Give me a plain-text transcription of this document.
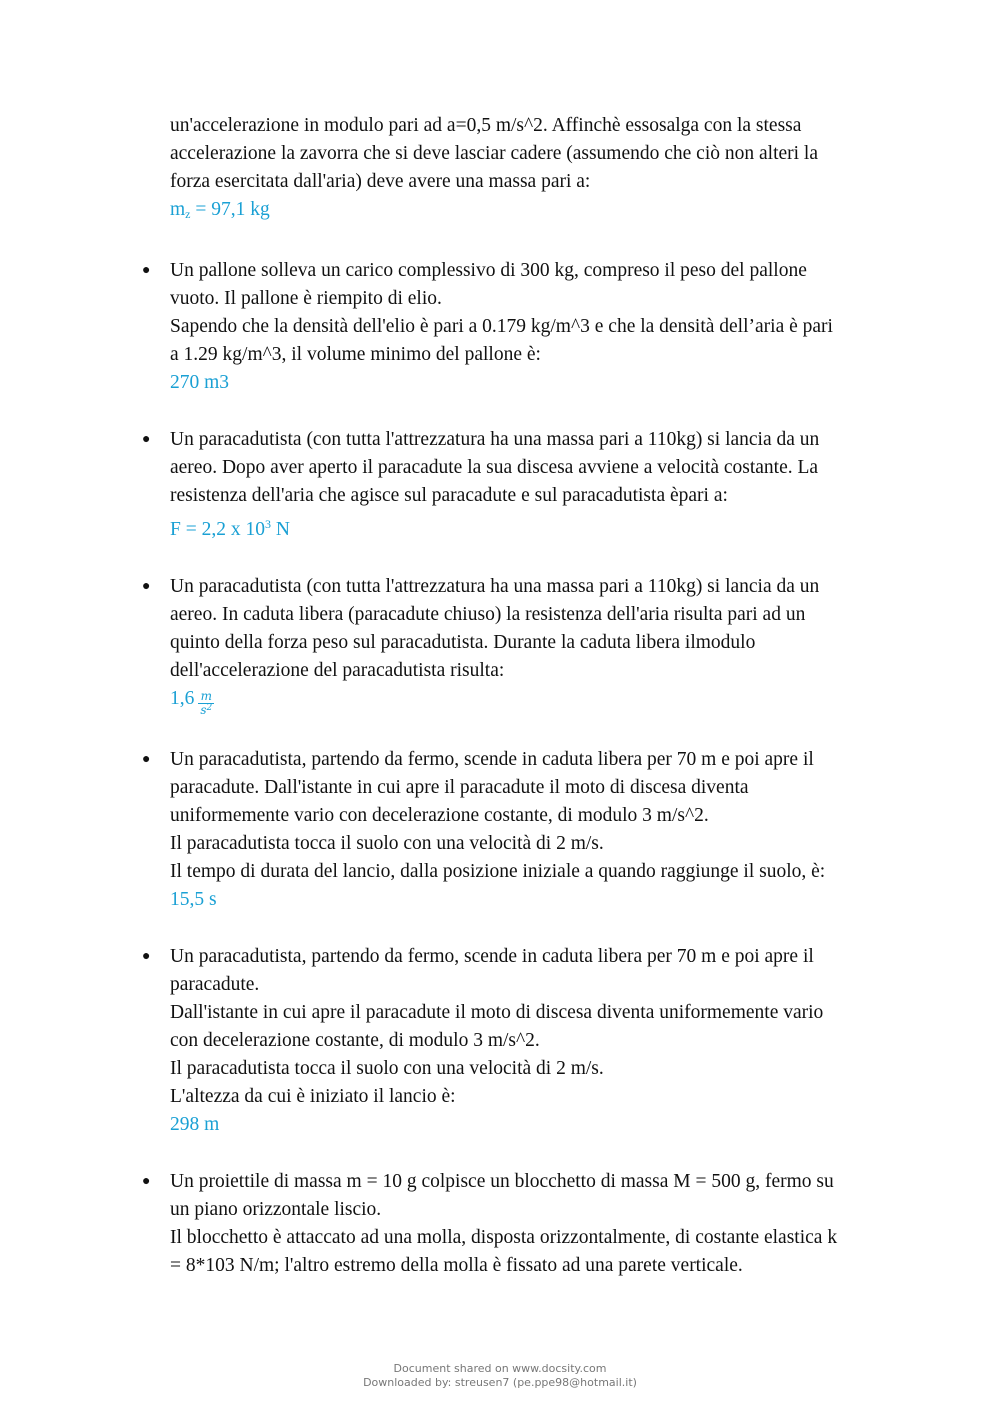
un'accelerazione in modulo pari ad a=0,5 m/s^2. Affinchè essosalga con la stessa

accelerazione la zavorra che si deve lasciar cadere (assumendo che ciò non alteri la

forza esercitata dall'aria) deve avere una massa pari a:

$m_z = 97,1$ kg

● Un pallone solleva un carico complessivo di 300 kg, compreso il peso del pallone

vuoto. Il pallone è riempito di elio.

Sapendo che la densità dell'elio è pari a 0.179 kg/m^3 e che la densità dell’aria è pari

a 1.29 kg/m^3, il volume minimo del pallone è:

270 m3

● Un paracadutista (con tutta l'attrezzatura ha una massa pari a 110kg) si lancia da un

aereo. Dopo aver aperto il paracadute la sua discesa avviene a velocità costante. La

resistenza dell'aria che agisce sul paracadute e sul paracadutista èpari a:

F = 2,2 x $10^3$ N

● Un paracadutista (con tutta l'attrezzatura ha una massa pari a 110kg) si lancia da un

aereo. In caduta libera (paracadute chiuso) la resistenza dell'aria risulta pari ad un

quinto della forza peso sul paracadutista. Durante la caduta libera ilmodulo

dell'accelerazione del paracadutista risulta:

$1,6 \frac{m}{s^2}$

● Un paracadutista, partendo da fermo, scende in caduta libera per 70 m e poi apre il

paracadute. Dall'istante in cui apre il paracadute il moto di discesa diventa

uniformemente vario con decelerazione costante, di modulo 3 m/s^2.

Il paracadutista tocca il suolo con una velocità di 2 m/s.

Il tempo di durata del lancio, dalla posizione iniziale a quando raggiunge il suolo, è:

15,5 s

● Un paracadutista, partendo da fermo, scende in caduta libera per 70 m e poi apre il

paracadute.

Dall'istante in cui apre il paracadute il moto di discesa diventa uniformemente vario

con decelerazione costante, di modulo 3 m/s^2.

Il paracadutista tocca il suolo con una velocità di 2 m/s.

L'altezza da cui è iniziato il lancio è:

298 m

● Un proiettile di massa m = 10 g colpisce un blocchetto di massa M = 500 g, fermo su

un piano orizzontale liscio.

Il blocchetto è attaccato ad una molla, disposta orizzontalmente, di costante elastica k

= 8*103 N/m; l'altro estremo della molla è fissato ad una parete verticale.

Document shared on www.docsity.com
Downloaded by: streusen7 (pe.ppe98@hotmail.it)
